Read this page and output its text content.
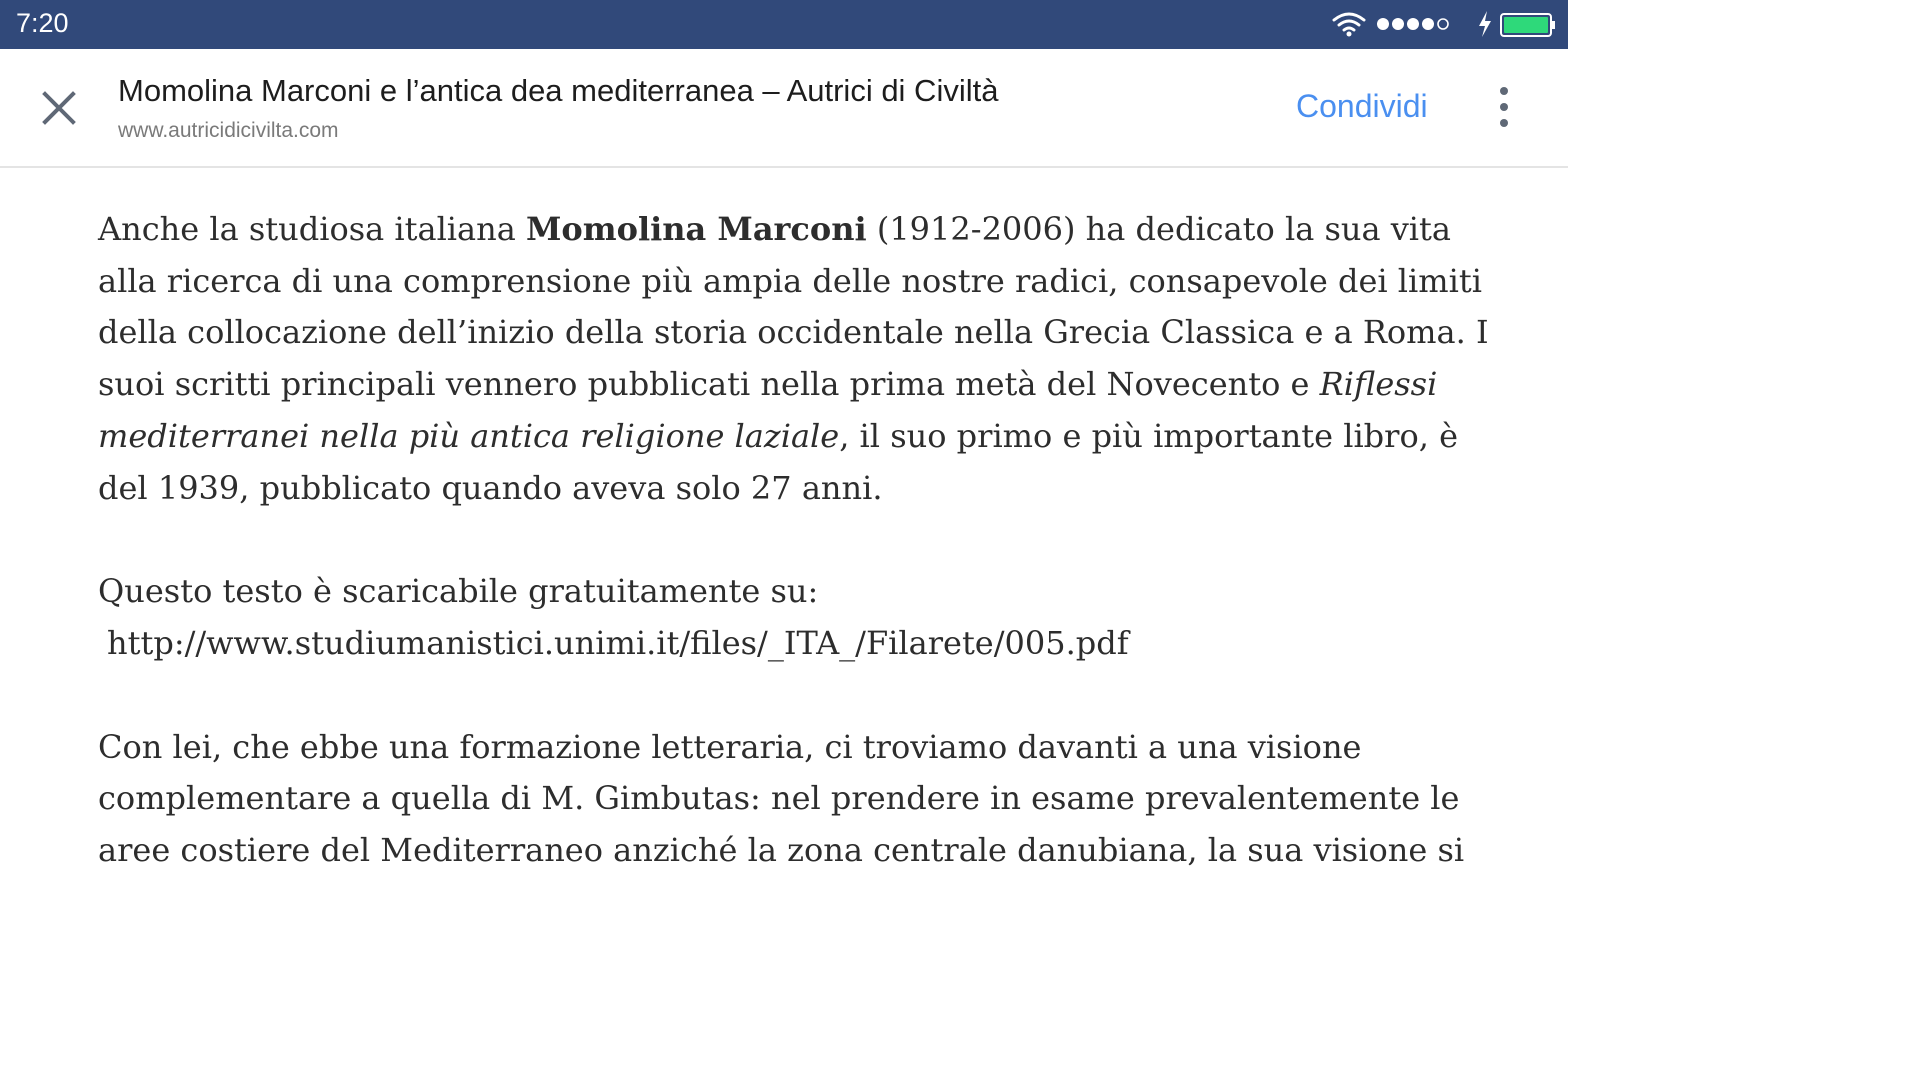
7:20
Momolina Marconi e l’antica dea mediterranea – Autrici di Civiltà
www.autricidicivilta.com
Condividi

Anche la studiosa italiana Momolina Marconi (1912-2006) ha dedicato la sua vita alla ricerca di una comprensione più ampia delle nostre radici, consapevole dei limiti della collocazione dell’inizio della storia occidentale nella Grecia Classica e a Roma. I suoi scritti principali vennero pubblicati nella prima metà del Novecento e Riflessi mediterranei nella più antica religione laziale, il suo primo e più importante libro, è del 1939, pubblicato quando aveva solo 27 anni.

Questo testo è scaricabile gratuitamente su:
http://www.studiumanistici.unimi.it/files/_ITA_/Filarete/005.pdf

Con lei, che ebbe una formazione letteraria, ci troviamo davanti a una visione complementare a quella di M. Gimbutas: nel prendere in esame prevalentemente le aree costiere del Mediterraneo anziché la zona centrale danubiana, la sua visione si
